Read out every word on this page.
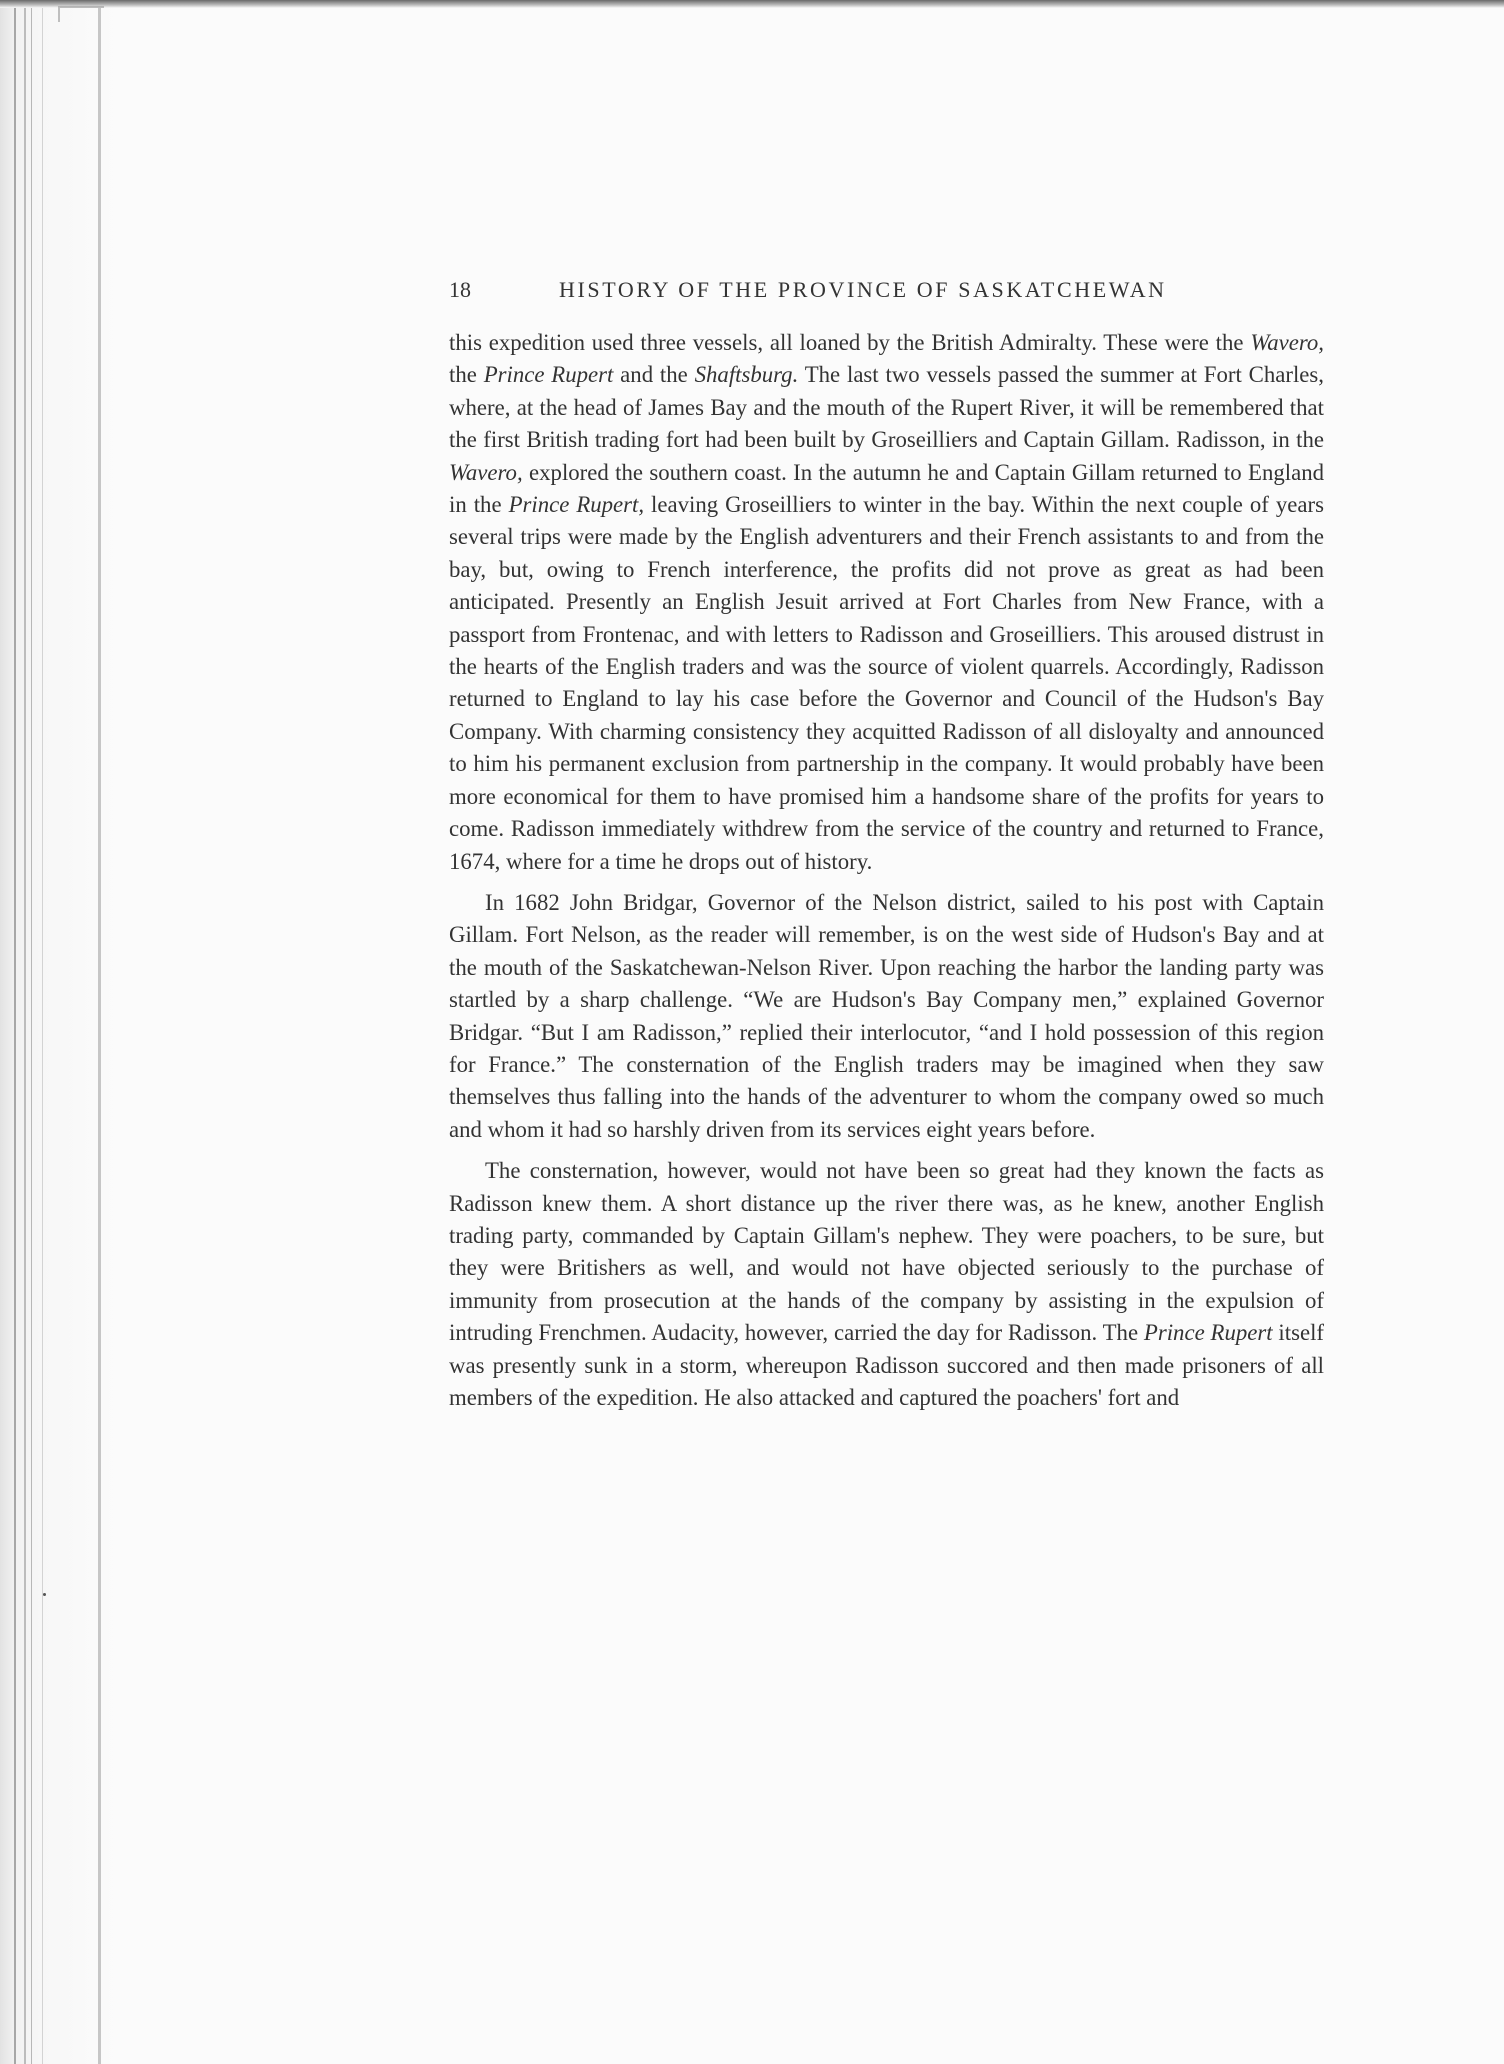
18	HISTORY OF THE PROVINCE OF SASKATCHEWAN

this expedition used three vessels, all loaned by the British Admiralty. These were the Wavero, the Prince Rupert and the Shaftsburg. The last two vessels passed the summer at Fort Charles, where, at the head of James Bay and the mouth of the Rupert River, it will be remembered that the first British trading fort had been built by Groseilliers and Captain Gillam. Radisson, in the Wavero, explored the southern coast. In the autumn he and Captain Gillam returned to England in the Prince Rupert, leaving Groseilliers to winter in the bay. Within the next couple of years several trips were made by the English adventurers and their French assistants to and from the bay, but, owing to French interference, the profits did not prove as great as had been anticipated. Presently an English Jesuit arrived at Fort Charles from New France, with a passport from Frontenac, and with letters to Radisson and Groseilliers. This aroused distrust in the hearts of the English traders and was the source of violent quarrels. Accordingly, Radisson returned to England to lay his case before the Governor and Council of the Hudson's Bay Company. With charming consistency they acquitted Radisson of all disloyalty and announced to him his permanent exclusion from partnership in the company. It would probably have been more economical for them to have promised him a handsome share of the profits for years to come. Radisson immediately withdrew from the service of the country and returned to France, 1674, where for a time he drops out of history.

In 1682 John Bridgar, Governor of the Nelson district, sailed to his post with Captain Gillam. Fort Nelson, as the reader will remember, is on the west side of Hudson's Bay and at the mouth of the Saskatchewan-Nelson River. Upon reaching the harbor the landing party was startled by a sharp challenge. “We are Hudson's Bay Company men,” explained Governor Bridgar. “But I am Radisson,” replied their interlocutor, “and I hold possession of this region for France.” The consternation of the English traders may be imagined when they saw themselves thus falling into the hands of the adventurer to whom the company owed so much and whom it had so harshly driven from its services eight years before.

The consternation, however, would not have been so great had they known the facts as Radisson knew them. A short distance up the river there was, as he knew, another English trading party, commanded by Captain Gillam's nephew. They were poachers, to be sure, but they were Britishers as well, and would not have objected seriously to the purchase of immunity from prosecution at the hands of the company by assisting in the expulsion of intruding Frenchmen. Audacity, however, carried the day for Radisson. The Prince Rupert itself was presently sunk in a storm, whereupon Radisson succored and then made prisoners of all members of the expedition. He also attacked and captured the poachers' fort and
